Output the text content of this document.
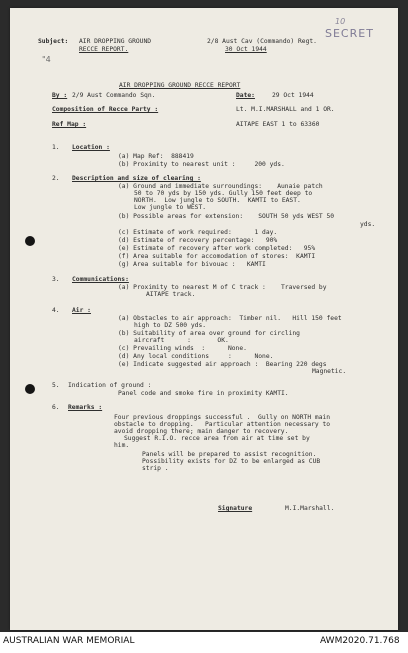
10
SECRET
Subject: AIR DROPPING GROUND
RECCE REPORT.
2/8 Aust Cav (Commando) Regt.
30 Oct 1944
"4
AIR DROPPING GROUND RECCE REPORT
By : 2/9 Aust Commando Sqn.	Date:	29 Oct 1944
Composition of Recce Party :	Lt. M.I.MARSHALL and 1 OR.
Ref Map :	AITAPE EAST 1 to 63360
1. Location :
(a) Map Ref:  888419
(b) Proximity to nearest unit :     200 yds.
2. Description and size of clearing :
(a) Ground and immediate surroundings:    Aunaie patch
50 to 70 yds by 150 yds. Gully 150 feet deep to
NORTH.  Low jungle to SOUTH.  KAMTI to EAST.
Low jungle to WEST.
(b) Possible areas for extension:    SOUTH 50 yds WEST 50
yds.
(c) Estimate of work required:      1 day.
(d) Estimate of recovery percentage:   90%
(e) Estimate of recovery after work completed:   95%
(f) Area suitable for accomodation of stores:  KAMTI
(g) Area suitable for bivouac :   KAMTI
3. Communications:
(a) Proximity to nearest M of C track :    Traversed by
AITAPE track.
4. Air :
(a) Obstacles to air approach:  Timber nil.   Hill 150 feet
high to DZ 500 yds.
(b) Suitability of area over ground for circling
aircraft      :       OK.
(c) Prevailing winds  :      None.
(d) Any local conditions     :      None.
(e) Indicate suggested air approach :  Bearing 220 degs
Magnetic.
5. Indication of ground :
Panel code and smoke fire in proximity KAMTI.
6. Remarks :
Four previous droppings successful .  Gully on NORTH main
obstacle to dropping.   Particular attention necessary to
avoid dropping there; main danger to recovery.
Suggest R.I.O. recce area from air at time set by
him.
Panels will be prepared to assist recognition.
Possibility exists for DZ to be enlarged as CUB
strip .
Signature	M.I.Marshall.
AUSTRALIAN WAR MEMORIAL	AWM2020.71.768
